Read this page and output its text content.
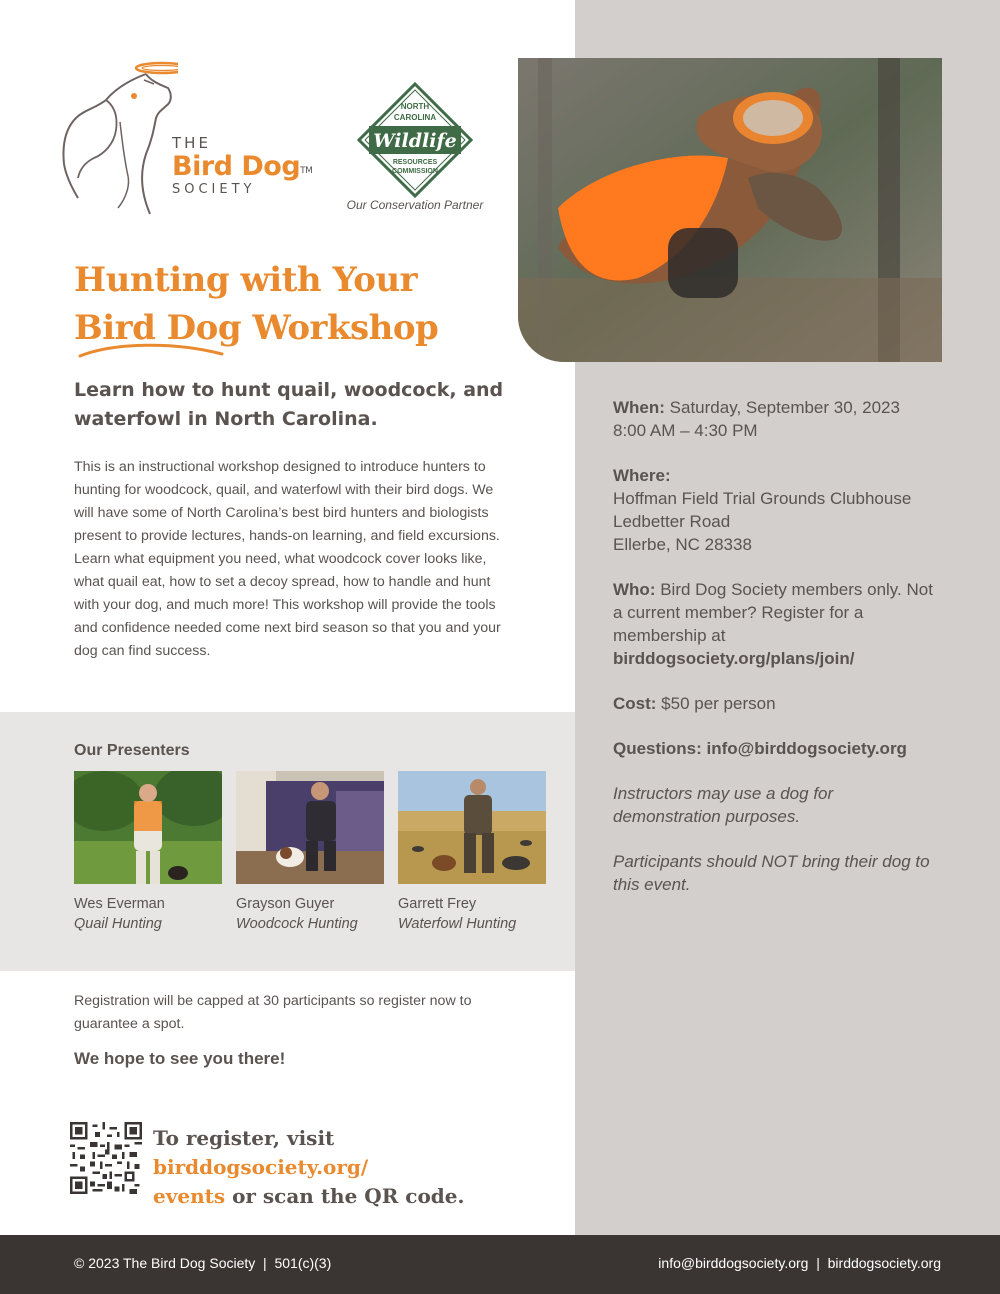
THE
Bird Dog™
SOCIETY
NORTH
CAROLINA
Wildlife
RESOURCES
COMMISSION
Our Conservation Partner
Hunting with Your
Bird Dog Workshop
Learn how to hunt quail, woodcock, and waterfowl in North Carolina.
This is an instructional workshop designed to introduce hunters to hunting for woodcock, quail, and waterfowl with their bird dogs. We will have some of North Carolina’s best bird hunters and biologists present to provide lectures, hands-on learning, and field excursions. Learn what equipment you need, what woodcock cover looks like, what quail eat, how to set a decoy spread, how to handle and hunt with your dog, and much more! This workshop will provide the tools and confidence needed come next bird season so that you and your dog can find success.
Our Presenters
Wes Everman
Quail Hunting
Grayson Guyer
Woodcock Hunting
Garrett Frey
Waterfowl Hunting
Registration will be capped at 30 participants so register now to guarantee a spot.
We hope to see you there!
To register, visit birddogsociety.org/
events or scan the QR code.

When: Saturday, September 30, 2023
8:00 AM – 4:30 PM

Where:
Hoffman Field Trial Grounds Clubhouse
Ledbetter Road
Ellerbe, NC 28338

Who: Bird Dog Society members only. Not a current member? Register for a membership at birddogsociety.org/plans/join/

Cost: $50 per person

Questions: info@birddogsociety.org

Instructors may use a dog for demonstration purposes.

Participants should NOT bring their dog to this event.

© 2023 The Bird Dog Society  |  501(c)(3)	info@birddogsociety.org  |  birddogsociety.org
